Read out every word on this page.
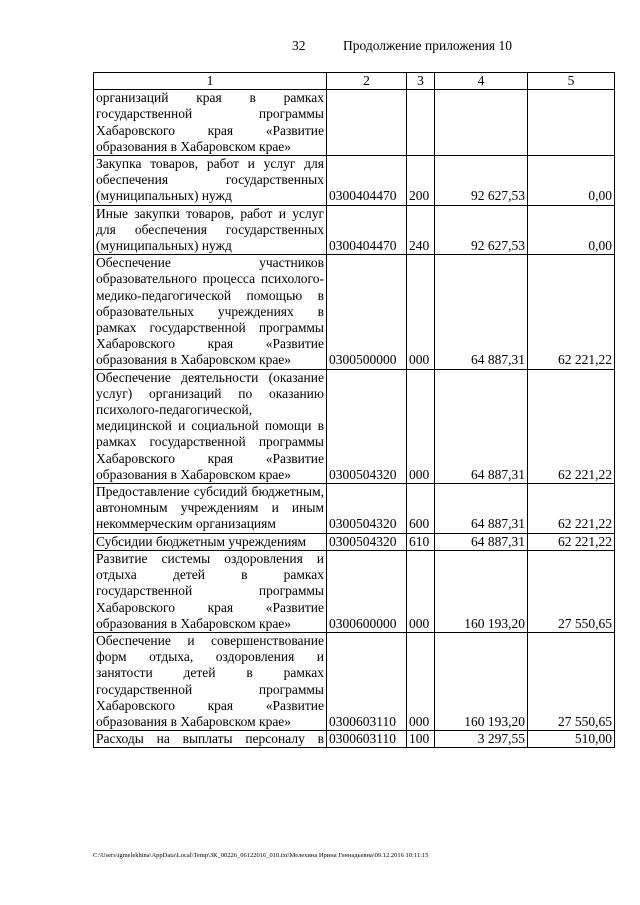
32	Продолжение приложения 10
1	2	3	4	5
организаций края в рамках государственной программы Хабаровского края «Развитие образования в Хабаровском крае»				
Закупка товаров, работ и услуг для обеспечения государственных (муниципальных) нужд	0300404470	200	92 627,53	0,00
Иные закупки товаров, работ и услуг для обеспечения государственных (муниципальных) нужд	0300404470	240	92 627,53	0,00
Обеспечение участников образовательного процесса психолого-медико-педагогической помощью в образовательных учреждениях в рамках государственной программы Хабаровского края «Развитие образования в Хабаровском крае»	0300500000	000	64 887,31	62 221,22
Обеспечение деятельности (оказание услуг) организаций по оказанию психолого-педагогической, медицинской и социальной помощи в рамках государственной программы Хабаровского края «Развитие образования в Хабаровском крае»	0300504320	000	64 887,31	62 221,22
Предоставление субсидий бюджетным, автономным учреждениям и иным некоммерческим организациям	0300504320	600	64 887,31	62 221,22
Субсидии бюджетным учреждениям	0300504320	610	64 887,31	62 221,22
Развитие системы оздоровления и отдыха детей в рамках государственной программы Хабаровского края «Развитие образования в Хабаровском крае»	0300600000	000	160 193,20	27 550,65
Обеспечение и совершенствование форм отдыха, оздоровления и занятости детей в рамках государственной программы Хабаровского края «Развитие образования в Хабаровском крае»	0300603110	000	160 193,20	27 550,65
Расходы на выплаты персоналу в	0300603110	100	3 297,55	510,00
C:\Users\igmelekhina\AppData\Local\Temp\ЗК_00226_06122016_010.txt\Мелехина Ирина Геннадьевна\09.12.2016 10:11:15
